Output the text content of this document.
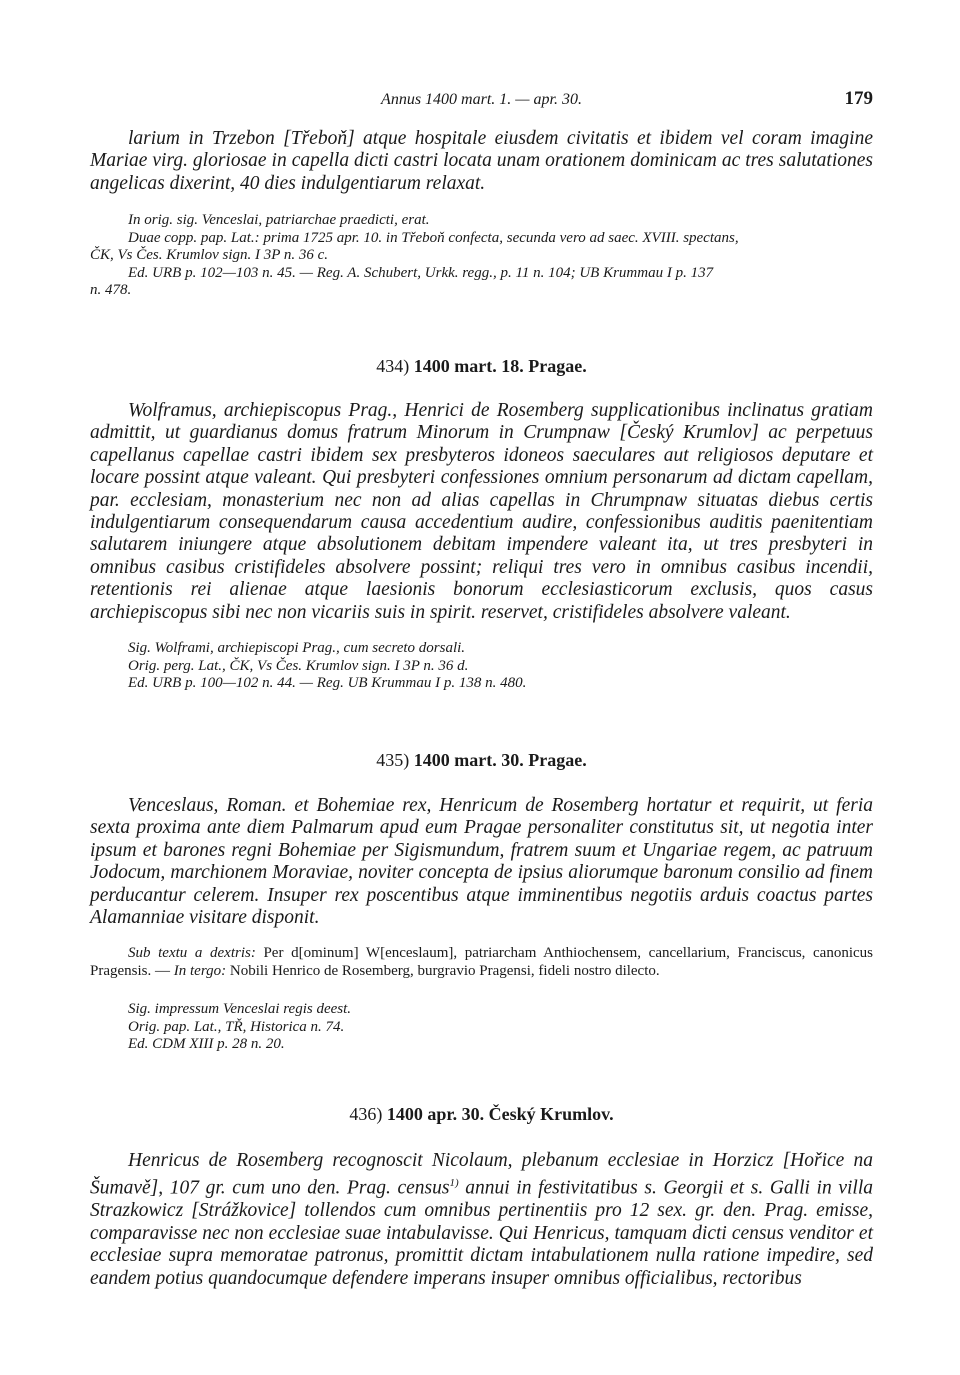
Annus 1400 mart. 1. — apr. 30.	179
larium in Trzebon [Třeboň] atque hospitale eiusdem civitatis et ibidem vel coram imagine Mariae virg. gloriosae in capella dicti castri locata unam orationem dominicam ac tres salutationes angelicas dixerint, 40 dies indulgentiarum relaxat.
In orig. sig. Venceslai, patriarchae praedicti, erat.
Duae copp. pap. Lat.: prima 1725 apr. 10. in Třeboň confecta, secunda vero ad saec. XVIII. spectans,
ČK, Vs Čes. Krumlov sign. I 3P n. 36 c.
Ed. URB p. 102—103 n. 45. — Reg. A. Schubert, Urkk. regg., p. 11 n. 104; UB Krummau I p. 137
n. 478.
434) 1400 mart. 18. Pragae.
Wolframus, archiepiscopus Prag., Henrici de Rosemberg supplicationibus inclinatus gratiam admittit, ut guardianus domus fratrum Minorum in Crumpnaw [Český Krumlov] ac perpetuus capellanus capellae castri ibidem sex presbyteros idoneos saeculares aut religiosos deputare et locare possint atque valeant. Qui presbyteri confessiones omnium personarum ad dictam capellam, par. ecclesiam, monasterium nec non ad alias capellas in Chrumpnaw situatas diebus certis indulgentiarum consequendarum causa accedentium audire, confessionibus auditis paenitentiam salutarem iniungere atque absolutionem debitam impendere valeant ita, ut tres presbyteri in omnibus casibus cristifideles absolvere possint; reliqui tres vero in omnibus casibus incendii, retentionis rei alienae atque laesionis bonorum ecclesiasticorum exclusis, quos casus archiepiscopus sibi nec non vicariis suis in spirit. reservet, cristifideles absolvere valeant.
Sig. Wolframi, archiepiscopi Prag., cum secreto dorsali.
Orig. perg. Lat., ČK, Vs Čes. Krumlov sign. I 3P n. 36 d.
Ed. URB p. 100—102 n. 44. — Reg. UB Krummau I p. 138 n. 480.
435) 1400 mart. 30. Pragae.
Venceslaus, Roman. et Bohemiae rex, Henricum de Rosemberg hortatur et requirit, ut feria sexta proxima ante diem Palmarum apud eum Pragae personaliter constitutus sit, ut negotia inter ipsum et barones regni Bohemiae per Sigismundum, fratrem suum et Ungariae regem, ac patruum Jodocum, marchionem Moraviae, noviter concepta de ipsius aliorumque baronum consilio ad finem perducantur celerem. Insuper rex poscentibus atque imminentibus negotiis arduis coactus partes Alamanniae visitare disponit.
Sub textu a dextris: Per d[ominum] W[enceslaum], patriarcham Anthiochensem, cancellarium, Franciscus, canonicus Pragensis. — In tergo: Nobili Henrico de Rosemberg, burgravio Pragensi, fideli nostro dilecto.
Sig. impressum Venceslai regis deest.
Orig. pap. Lat., TŘ, Historica n. 74.
Ed. CDM XIII p. 28 n. 20.
436) 1400 apr. 30. Český Krumlov.
Henricus de Rosemberg recognoscit Nicolaum, plebanum ecclesiae in Horzicz [Hořice na Šumavě], 107 gr. cum uno den. Prag. census$^{1)}$ annui in festivitatibus s. Georgii et s. Galli in villa Strazkowicz [Strážkovice] tollendos cum omnibus pertinentiis pro 12 sex. gr. den. Prag. emisse, comparavisse nec non ecclesiae suae intabulavisse. Qui Henricus, tamquam dicti census venditor et ecclesiae supra memoratae patronus, promittit dictam intabulationem nulla ratione impedire, sed eandem potius quandocumque defendere imperans insuper omnibus officialibus, rectoribus
